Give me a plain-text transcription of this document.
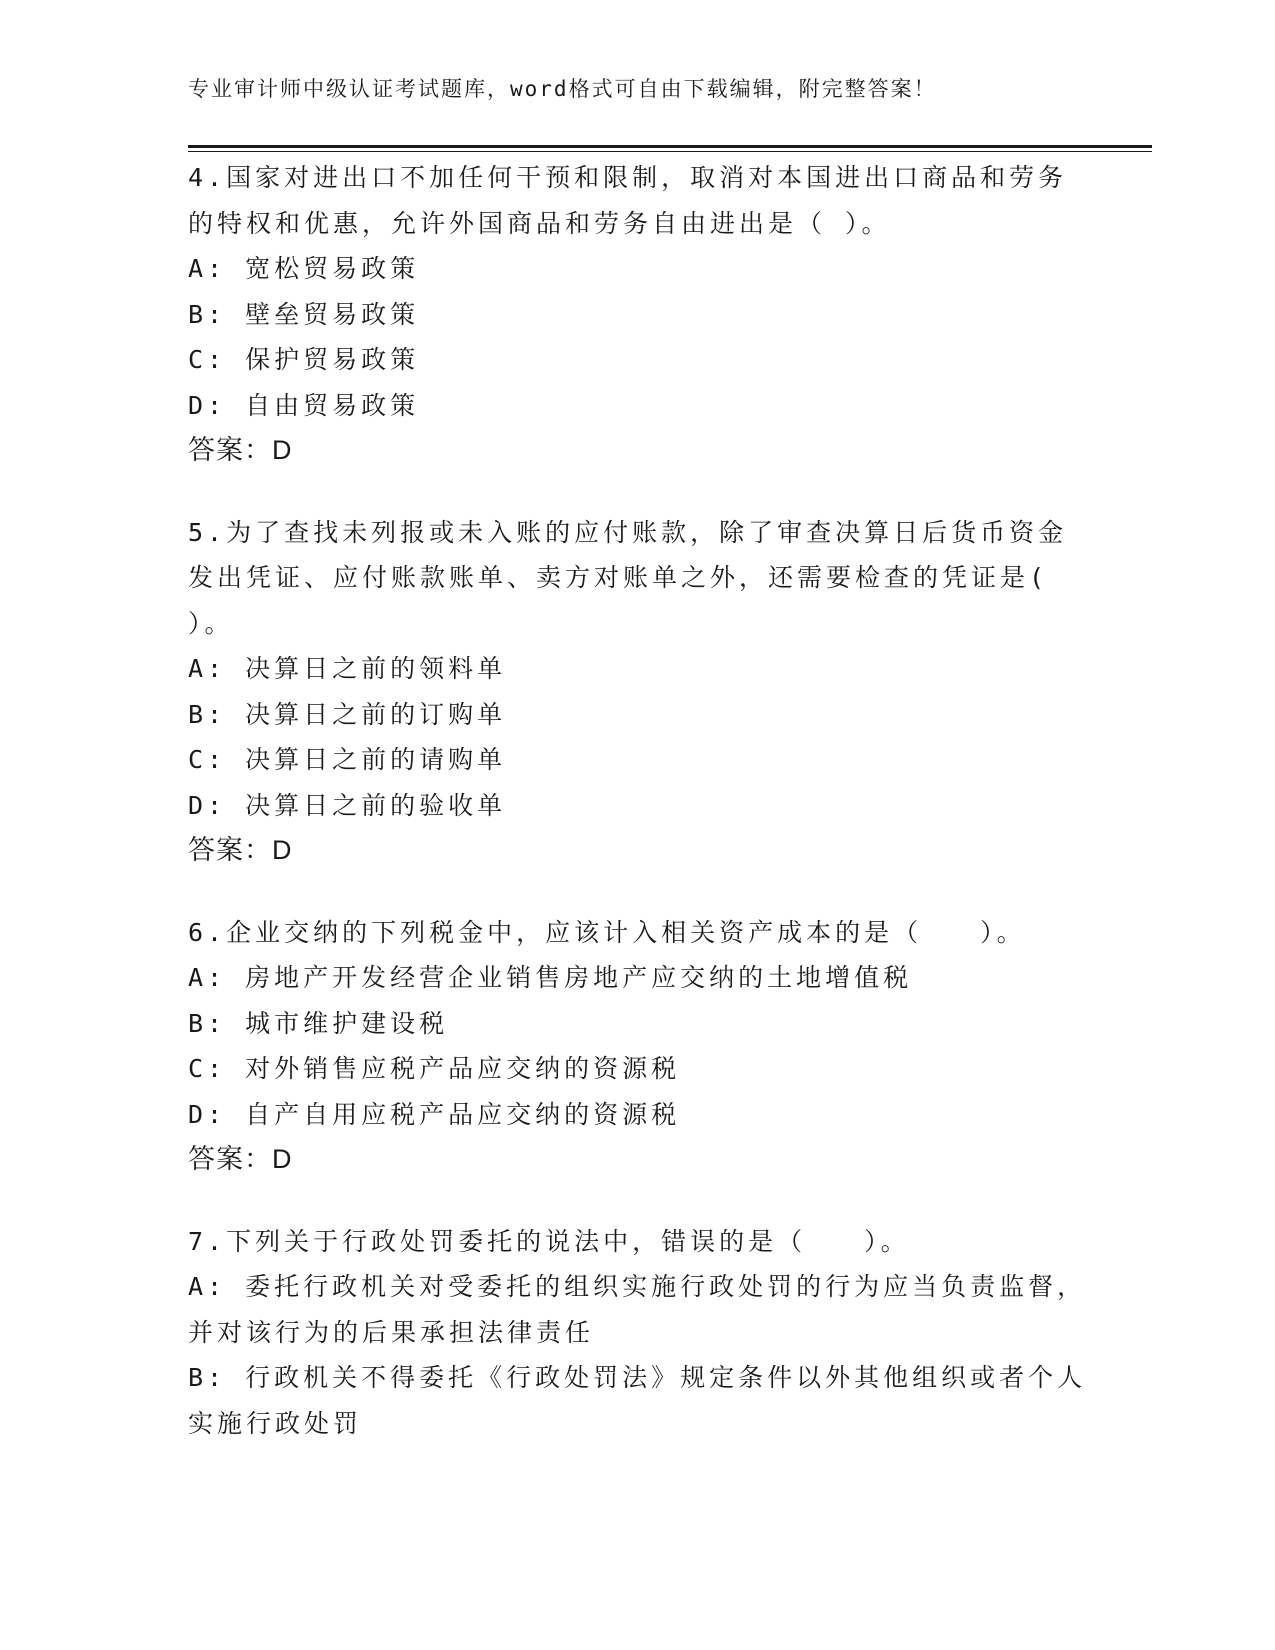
专业审计师中级认证考试题库，word格式可自由下载编辑，附完整答案！
4.国家对进出口不加任何干预和限制，取消对本国进出口商品和劳务
的特权和优惠，允许外国商品和劳务自由进出是（ ）。
A: 宽松贸易政策
B: 壁垒贸易政策
C: 保护贸易政策
D: 自由贸易政策
答案：D
5.为了查找未列报或未入账的应付账款，除了审查决算日后货币资金
发出凭证、应付账款账单、卖方对账单之外，还需要检查的凭证是(
）。
A: 决算日之前的领料单
B: 决算日之前的订购单
C: 决算日之前的请购单
D: 决算日之前的验收单
答案：D
6.企业交纳的下列税金中，应该计入相关资产成本的是（　　）。
A: 房地产开发经营企业销售房地产应交纳的土地增值税
B: 城市维护建设税
C: 对外销售应税产品应交纳的资源税
D: 自产自用应税产品应交纳的资源税
答案：D
7.下列关于行政处罚委托的说法中，错误的是（　　）。
A: 委托行政机关对受委托的组织实施行政处罚的行为应当负责监督，
并对该行为的后果承担法律责任
B: 行政机关不得委托《行政处罚法》规定条件以外其他组织或者个人
实施行政处罚
